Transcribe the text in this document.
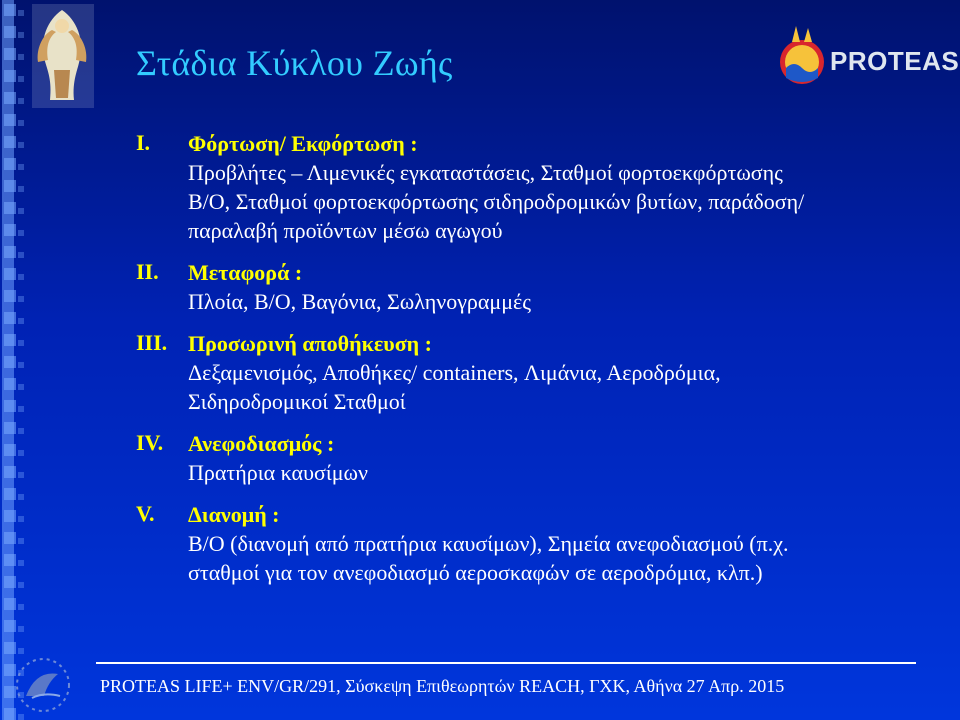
Στάδια Κύκλου Ζωής	PROTEAS
I. Φόρτωση/ Εκφόρτωση :
Προβλήτες – Λιμενικές εγκαταστάσεις, Σταθμοί φορτοεκφόρτωσης
Β/Ο, Σταθμοί φορτοεκφόρτωσης σιδηροδρομικών βυτίων, παράδοση/
παραλαβή προϊόντων μέσω αγωγού
II. Μεταφορά :
Πλοία, Β/Ο, Βαγόνια, Σωληνογραμμές
III. Προσωρινή αποθήκευση :
Δεξαμενισμός, Αποθήκες/ containers, Λιμάνια, Αεροδρόμια,
Σιδηροδρομικοί Σταθμοί
IV. Ανεφοδιασμός :
Πρατήρια καυσίμων
V. Διανομή :
Β/Ο (διανομή από πρατήρια καυσίμων), Σημεία ανεφοδιασμού (π.χ.
σταθμοί για τον ανεφοδιασμό αεροσκαφών σε αεροδρόμια, κλπ.)
PROTEAS LIFE+ ENV/GR/291, Σύσκεψη Επιθεωρητών REACH, ΓΧΚ, Αθήνα 27 Απρ. 2015
